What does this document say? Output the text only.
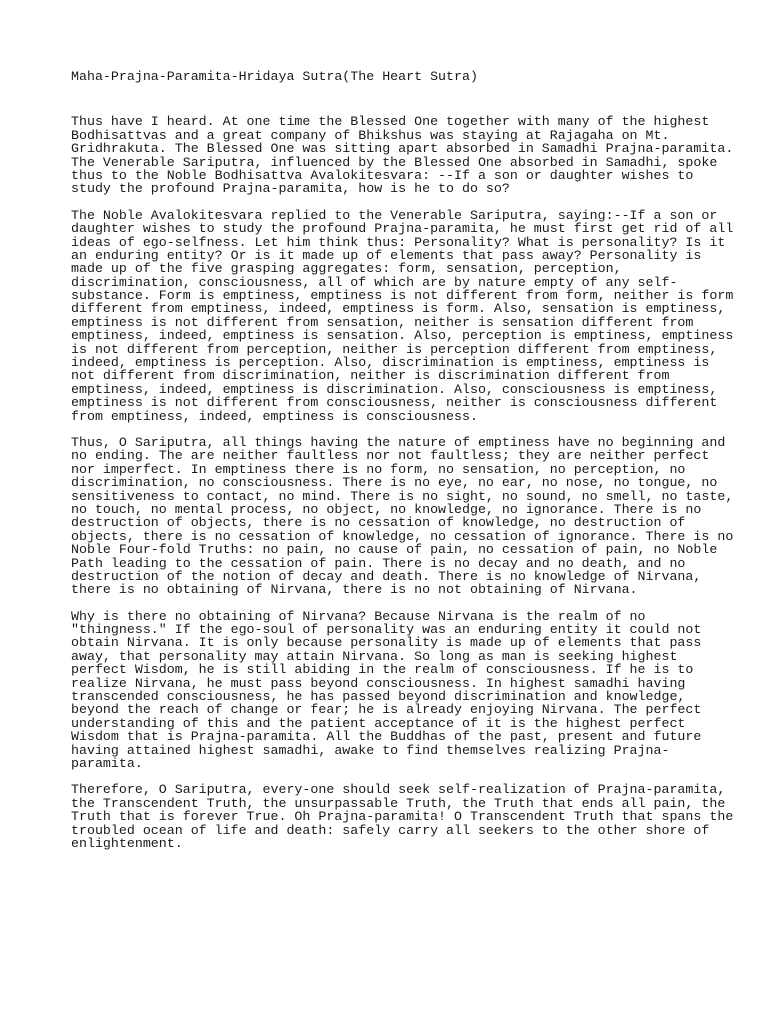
Maha-Prajna-Paramita-Hridaya Sutra(The Heart Sutra)
Thus have I heard. At one time the Blessed One together with many of the highest
Bodhisattvas and a great company of Bhikshus was staying at Rajagaha on Mt.
Gridhrakuta. The Blessed One was sitting apart absorbed in Samadhi Prajna-paramita.
The Venerable Sariputra, influenced by the Blessed One absorbed in Samadhi, spoke
thus to the Noble Bodhisattva Avalokitesvara: --If a son or daughter wishes to
study the profound Prajna-paramita, how is he to do so?
The Noble Avalokitesvara replied to the Venerable Sariputra, saying:--If a son or
daughter wishes to study the profound Prajna-paramita, he must first get rid of all
ideas of ego-selfness. Let him think thus: Personality? What is personality? Is it
an enduring entity? Or is it made up of elements that pass away? Personality is
made up of the five grasping aggregates: form, sensation, perception,
discrimination, consciousness, all of which are by nature empty of any self-
substance. Form is emptiness, emptiness is not different from form, neither is form
different from emptiness, indeed, emptiness is form. Also, sensation is emptiness,
emptiness is not different from sensation, neither is sensation different from
emptiness, indeed, emptiness is sensation. Also, perception is emptiness, emptiness
is not different from perception, neither is perception different from emptiness,
indeed, emptiness is perception. Also, discrimination is emptiness, emptiness is
not different from discrimination, neither is discrimination different from
emptiness, indeed, emptiness is discrimination. Also, consciousness is emptiness,
emptiness is not different from consciousness, neither is consciousness different
from emptiness, indeed, emptiness is consciousness.
Thus, O Sariputra, all things having the nature of emptiness have no beginning and
no ending. The are neither faultless nor not faultless; they are neither perfect
nor imperfect. In emptiness there is no form, no sensation, no perception, no
discrimination, no consciousness. There is no eye, no ear, no nose, no tongue, no
sensitiveness to contact, no mind. There is no sight, no sound, no smell, no taste,
no touch, no mental process, no object, no knowledge, no ignorance. There is no
destruction of objects, there is no cessation of knowledge, no destruction of
objects, there is no cessation of knowledge, no cessation of ignorance. There is no
Noble Four-fold Truths: no pain, no cause of pain, no cessation of pain, no Noble
Path leading to the cessation of pain. There is no decay and no death, and no
destruction of the notion of decay and death. There is no knowledge of Nirvana,
there is no obtaining of Nirvana, there is no not obtaining of Nirvana.
Why is there no obtaining of Nirvana? Because Nirvana is the realm of no
"thingness." If the ego-soul of personality was an enduring entity it could not
obtain Nirvana. It is only because personality is made up of elements that pass
away, that personality may attain Nirvana. So long as man is seeking highest
perfect Wisdom, he is still abiding in the realm of consciousness. If he is to
realize Nirvana, he must pass beyond consciousness. In highest samadhi having
transcended consciousness, he has passed beyond discrimination and knowledge,
beyond the reach of change or fear; he is already enjoying Nirvana. The perfect
understanding of this and the patient acceptance of it is the highest perfect
Wisdom that is Prajna-paramita. All the Buddhas of the past, present and future
having attained highest samadhi, awake to find themselves realizing Prajna-
paramita.
Therefore, O Sariputra, every-one should seek self-realization of Prajna-paramita,
the Transcendent Truth, the unsurpassable Truth, the Truth that ends all pain, the
Truth that is forever True. Oh Prajna-paramita! O Transcendent Truth that spans the
troubled ocean of life and death: safely carry all seekers to the other shore of
enlightenment.
